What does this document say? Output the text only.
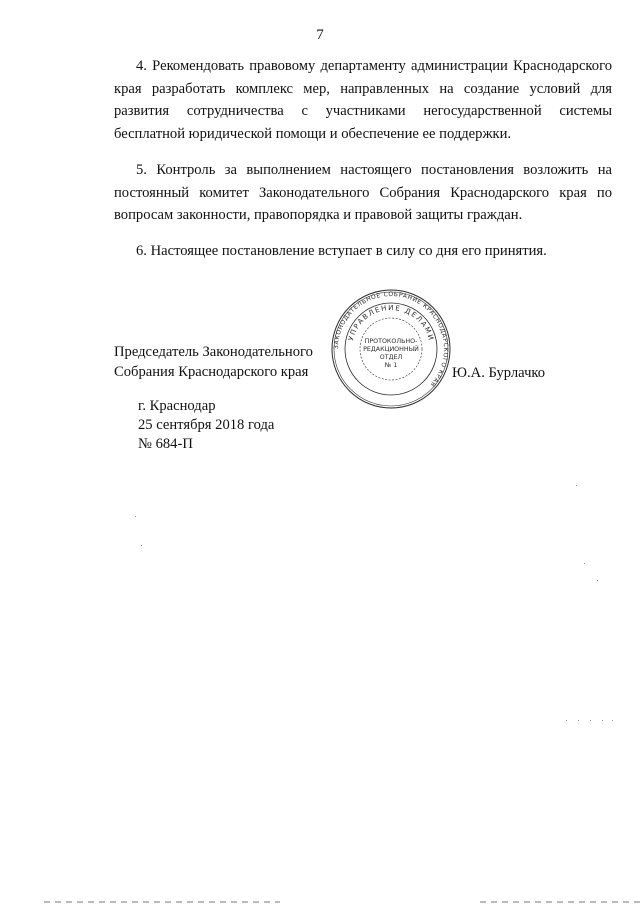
7

4. Рекомендовать правовому департаменту администрации Краснодарского края разработать комплекс мер, направленных на создание условий для развития сотрудничества с участниками негосударственной системы бесплатной юридической помощи и обеспечение ее поддержки.

5. Контроль за выполнением настоящего постановления возложить на постоянный комитет Законодательного Собрания Краснодарского края по вопросам законности, правопорядка и правовой защиты граждан.

6. Настоящее постановление вступает в силу со дня его принятия.

Председатель Законодательного
Собрания Краснодарского края	Ю.А. Бурлачко
ЗАКОНОДАТЕЛЬНОЕ СОБРАНИЕ КРАСНОДАРСКОГО КРАЯ
УПРАВЛЕНИЕ ДЕЛАМИ
ПРОТОКОЛЬНО-
РЕДАКЦИОННЫЙ
ОТДЕЛ
№ 1
г. Краснодар
25 сентября 2018 года
№ 684-П
